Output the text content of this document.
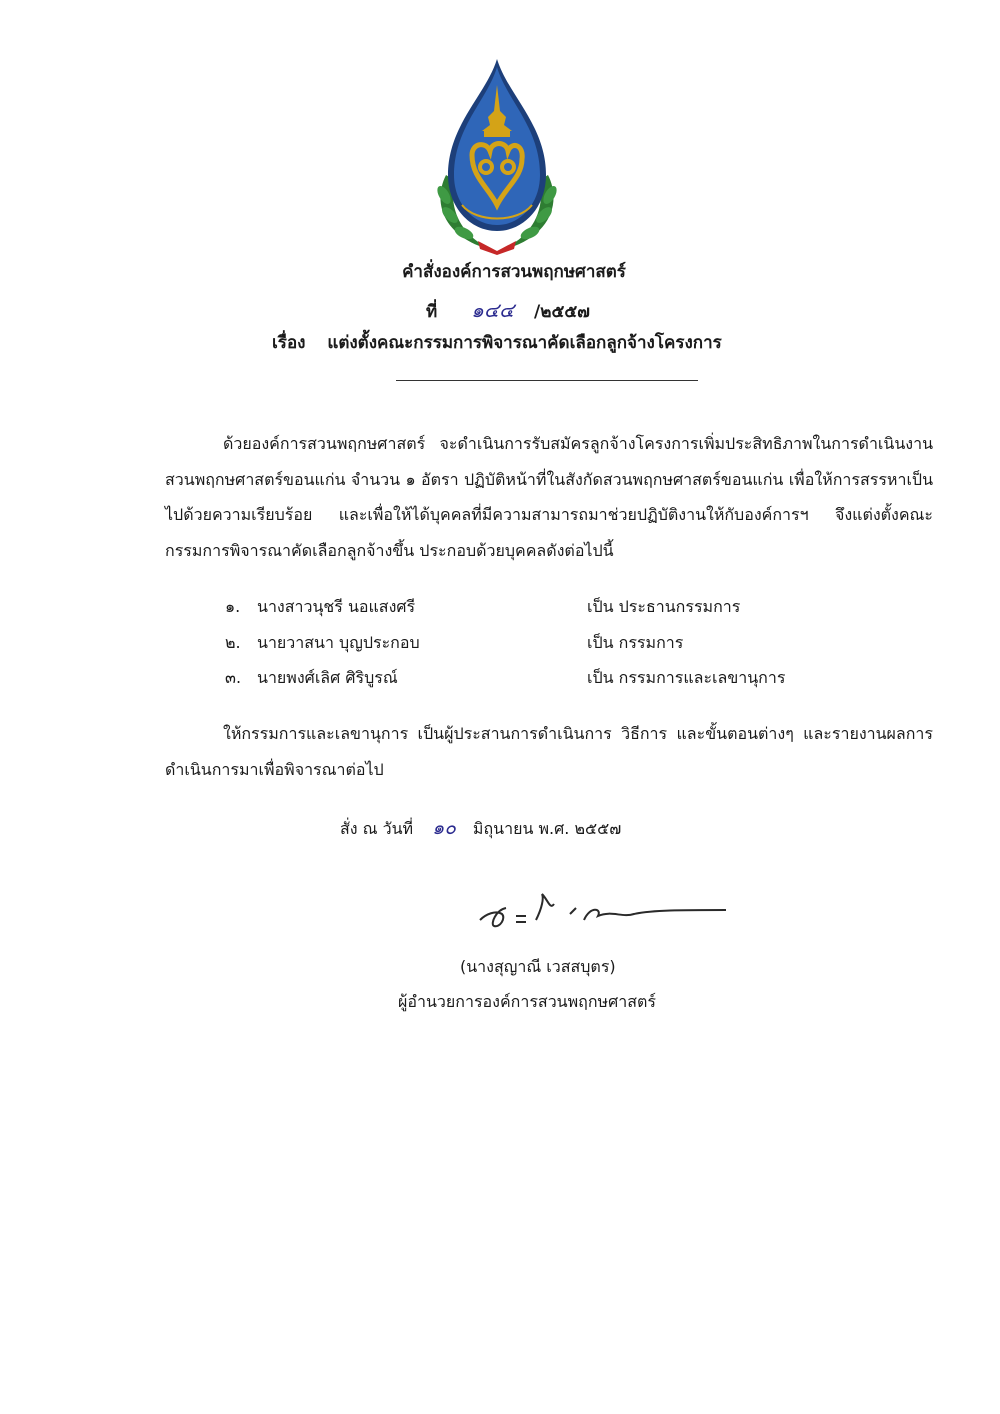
คำสั่งองค์การสวนพฤกษศาสตร์
ที่ ๑๔๔ /๒๕๕๗
เรื่อง แต่งตั้งคณะกรรมการพิจารณาคัดเลือกลูกจ้างโครงการ
ด้วยองค์การสวนพฤกษศาสตร์ จะดำเนินการรับสมัครลูกจ้างโครงการเพิ่มประสิทธิภาพในการดำเนินงานสวนพฤกษศาสตร์ขอนแก่น จำนวน ๑ อัตรา ปฏิบัติหน้าที่ในสังกัดสวนพฤกษศาสตร์ขอนแก่น เพื่อให้การสรรหาเป็นไปด้วยความเรียบร้อย และเพื่อให้ได้บุคคลที่มีความสามารถมาช่วยปฏิบัติงานให้กับองค์การฯ จึงแต่งตั้งคณะกรรมการพิจารณาคัดเลือกลูกจ้างขึ้น ประกอบด้วยบุคคลดังต่อไปนี้
๑. นางสาวนุชรี นอแสงศรี	เป็น ประธานกรรมการ
๒. นายวาสนา บุญประกอบ	เป็น กรรมการ
๓. นายพงศ์เลิศ ศิริบูรณ์	เป็น กรรมการและเลขานุการ
ให้กรรมการและเลขานุการ เป็นผู้ประสานการดำเนินการ วิธีการ และขั้นตอนต่างๆ และรายงานผลการดำเนินการมาเพื่อพิจารณาต่อไป
สั่ง ณ วันที่ ๑๐ มิถุนายน พ.ศ. ๒๕๕๗
(นางสุญาณี เวสสบุตร)
ผู้อำนวยการองค์การสวนพฤกษศาสตร์
